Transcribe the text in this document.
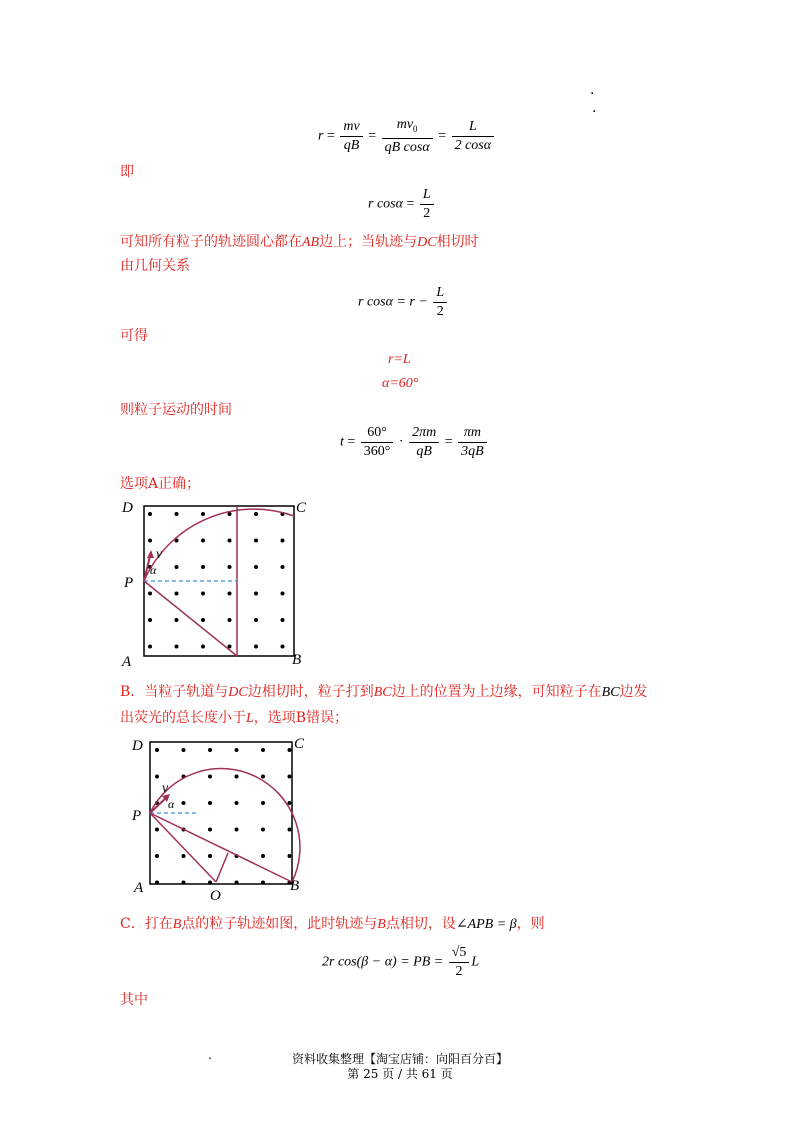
.
.
$r = \frac{mv}{qB} = \frac{mv_0}{\text{qB cosα}} = \frac{L}{2 \cos\alpha}$
即
r $\cos\alpha = \frac{L}{2}$
可知所有粒子的轨迹圆心都在AB边上；当轨迹与DC相切时
由几何关系
r $\cos\alpha = r - \frac{L}{2}$
可得
r=L
α=60°
则粒子运动的时间
$t = \frac{60^\circ}{360^\circ} \cdot \frac{2\pi m}{qB} = \frac{\pi m}{3qB}$
选项A正确；
D	C
P
A	B
v
α
B．当粒子轨道与DC边相切时，粒子打到BC边上的位置为上边缘，可知粒子在BC边发
出荧光的总长度小于L，选项B错误；
D	C
P
A	B
O
v
α
C．打在B点的粒子轨迹如图，此时轨迹与B点相切，设∠APB = β，则
2r cos(β − α) = PB = $\frac{√5}{2}$ L
其中
.	资料收集整理【淘宝店铺：向阳百分百】
第 25 页 / 共 61 页
